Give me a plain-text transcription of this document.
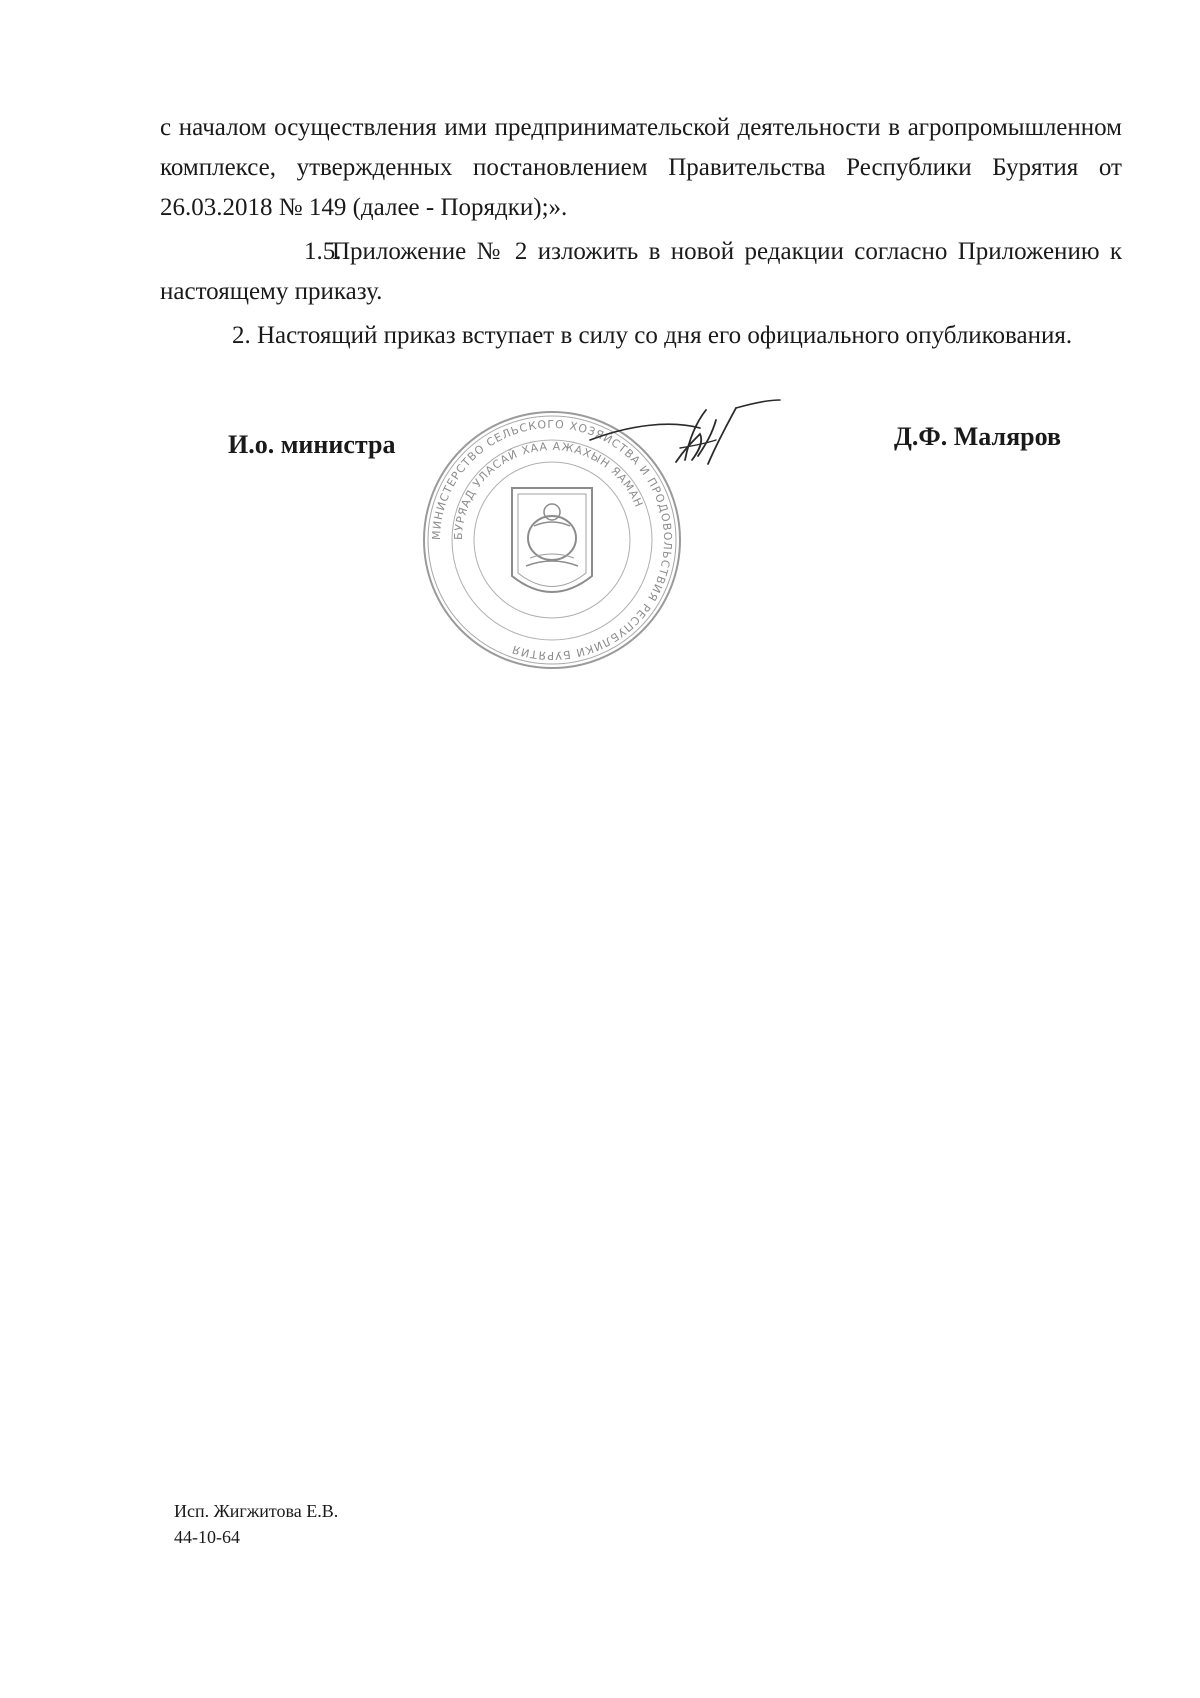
с началом осуществления ими предпринимательской деятельности в агропромышленном комплексе, утвержденных постановлением Правительства Республики Бурятия от 26.03.2018 № 149 (далее - Порядки);».

1.5.Приложение № 2 изложить в новой редакции согласно Приложению к настоящему приказу.

2. Настоящий приказ вступает в силу со дня его официального опубликования.

МИНИСТЕРСТВО СЕЛЬСКОГО ХОЗЯЙСТВА И ПРОДОВОЛЬСТВИЯ РЕСПУБЛИКИ БУРЯТИЯ
БУРЯАД УЛАСАЙ ХАА АЖАХЫН ЯАМАН
И.о. министра	Д.Ф. Маляров
Исп. Жигжитова Е.В.
44-10-64
